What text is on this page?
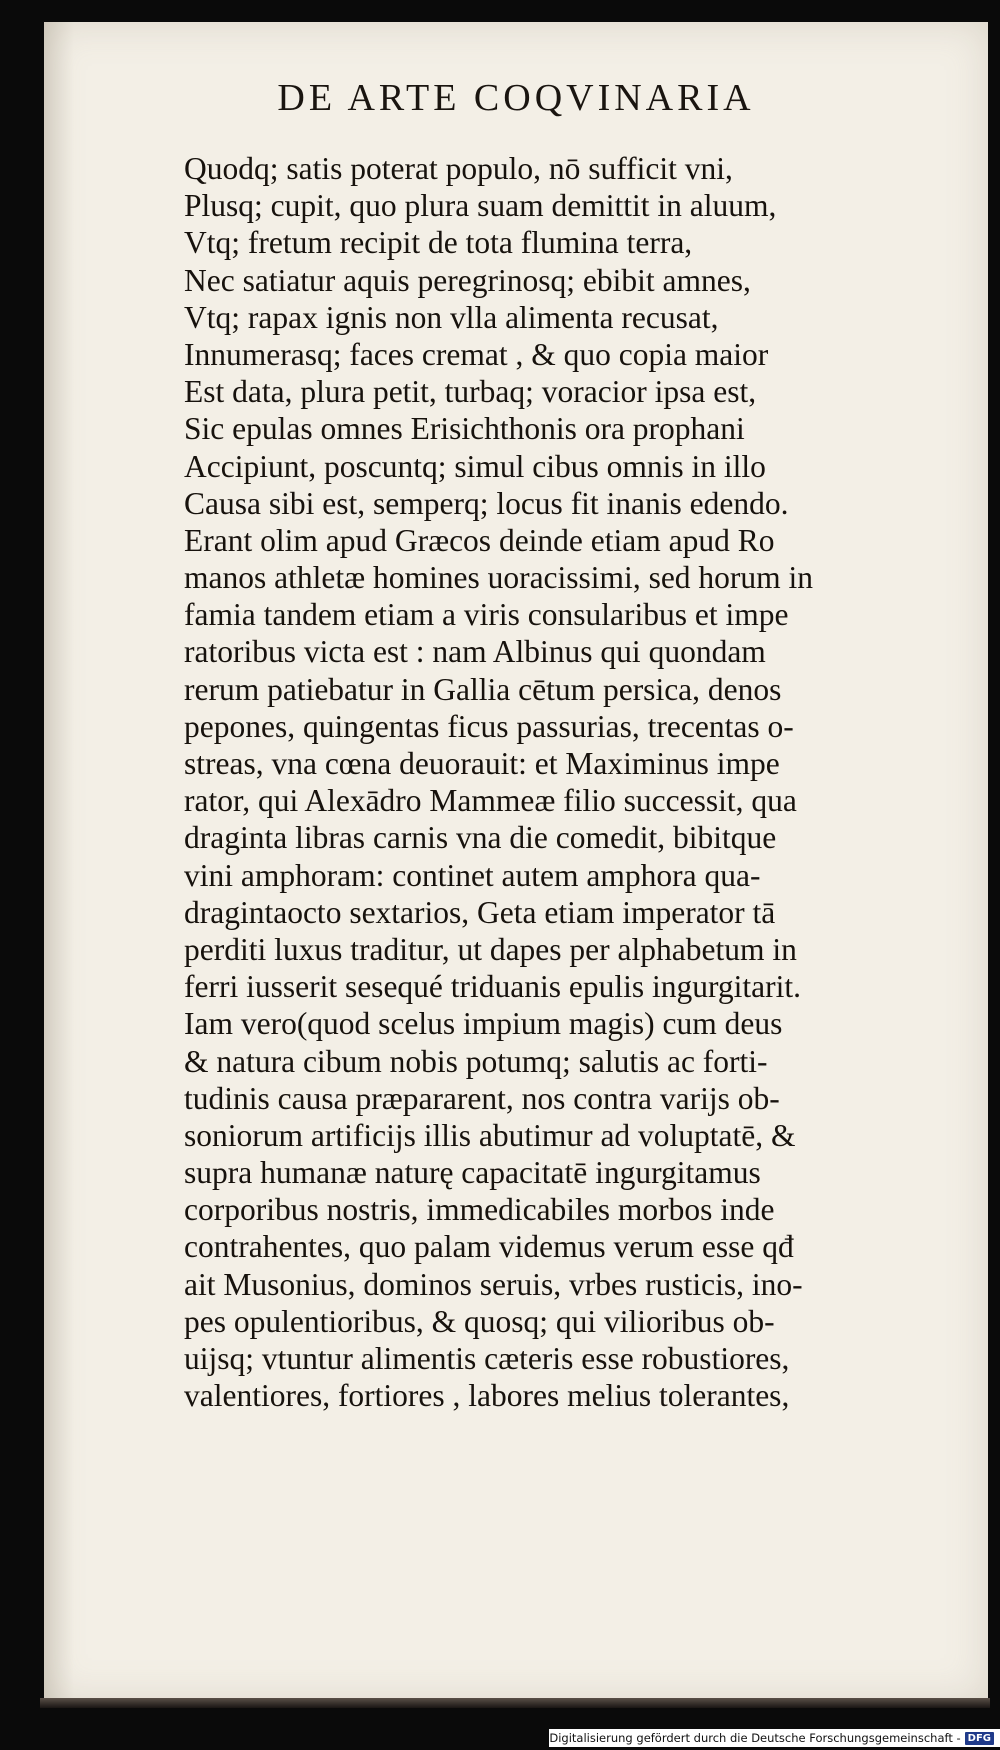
DE ARTE COQVINARIA
Quodq; satis poterat populo, nō sufficit vni,
Plusq; cupit, quo plura suam demittit in aluum,
Vtq; fretum recipit de tota flumina terra,
Nec satiatur aquis peregrinosq; ebibit amnes,
Vtq; rapax ignis non vlla alimenta recusat,
Innumerasq; faces cremat , & quo copia maior
Est data, plura petit, turbaq; voracior ipsa est,
Sic epulas omnes Erisichthonis ora prophani
Accipiunt, poscuntq; simul cibus omnis in illo
Causa sibi est, semperq; locus fit inanis edendo.
Erant olim apud Græcos deinde etiam apud Ro
manos athletæ homines uoracissimi, sed horum in
famia tandem etiam a viris consularibus et impe
ratoribus victa est : nam Albinus qui quondam
rerum patiebatur in Gallia cētum persica, denos
pepones, quingentas ficus passurias, trecentas o-
streas, vna cœna deuorauit: et Maximinus impe
rator, qui Alexādro Mammeæ filio successit, qua
draginta libras carnis vna die comedit, bibitque
vini amphoram: continet autem amphora qua-
dragintaocto sextarios, Geta etiam imperator tā
perditi luxus traditur, ut dapes per alphabetum in
ferri iusserit sesequé triduanis epulis ingurgitarit.
Iam vero(quod scelus impium magis) cum deus
& natura cibum nobis potumq; salutis ac forti-
tudinis causa præpararent, nos contra varijs ob-
soniorum artificijs illis abutimur ad voluptatē, &
supra humanæ naturę capacitatē ingurgitamus
corporibus nostris, immedicabiles morbos inde
contrahentes, quo palam videmus verum esse qđ
ait Musonius, dominos seruis, vrbes rusticis, ino-
pes opulentioribus, & quosq; qui vilioribus ob-
uijsq; vtuntur alimentis cæteris esse robustiores,
valentiores, fortiores , labores melius tolerantes,
Digitalisierung gefördert durch die Deutsche Forschungsgemeinschaft - DFG
